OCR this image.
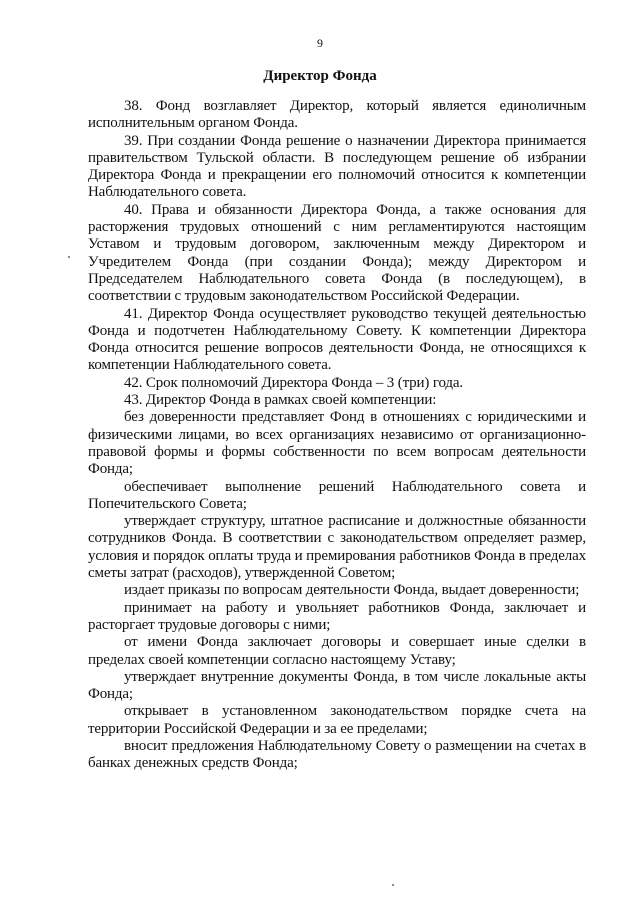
9
Директор Фонда

38. Фонд возглавляет Директор, который является единоличным исполнительным органом Фонда.

39. При создании Фонда решение о назначении Директора принимается правительством Тульской области. В последующем решение об избрании Директора Фонда и прекращении его полномочий относится к компетенции Наблюдательного совета.

40. Права и обязанности Директора Фонда, а также основания для расторжения трудовых отношений с ним регламентируются настоящим Уставом и трудовым договором, заключенным между Директором и Учредителем Фонда (при создании Фонда); между Директором и Председателем Наблюдательного совета Фонда (в последующем), в соответствии с трудовым законодательством Российской Федерации.

41. Директор Фонда осуществляет руководство текущей деятельностью Фонда и подотчетен Наблюдательному Совету. К компетенции Директора Фонда относится решение вопросов деятельности Фонда, не относящихся к компетенции Наблюдательного совета.

42. Срок полномочий Директора Фонда – 3 (три) года.

43. Директор Фонда в рамках своей компетенции:

без доверенности представляет Фонд в отношениях с юридическими и физическими лицами, во всех организациях независимо от организационно-правовой формы и формы собственности по всем вопросам деятельности Фонда;

обеспечивает выполнение решений Наблюдательного совета и Попечительского Совета;

утверждает структуру, штатное расписание и должностные обязанности сотрудников Фонда. В соответствии с законодательством определяет размер, условия и порядок оплаты труда и премирования работников Фонда в пределах сметы затрат (расходов), утвержденной Советом;

издает приказы по вопросам деятельности Фонда, выдает доверенности;

принимает на работу и увольняет работников Фонда, заключает и расторгает трудовые договоры с ними;

от имени Фонда заключает договоры и совершает иные сделки в пределах своей компетенции согласно настоящему Уставу;

утверждает внутренние документы Фонда, в том числе локальные акты Фонда;

открывает в установленном законодательством порядке счета на территории Российской Федерации и за ее пределами;

вносит предложения Наблюдательному Совету о размещении на счетах в банках денежных средств Фонда;
